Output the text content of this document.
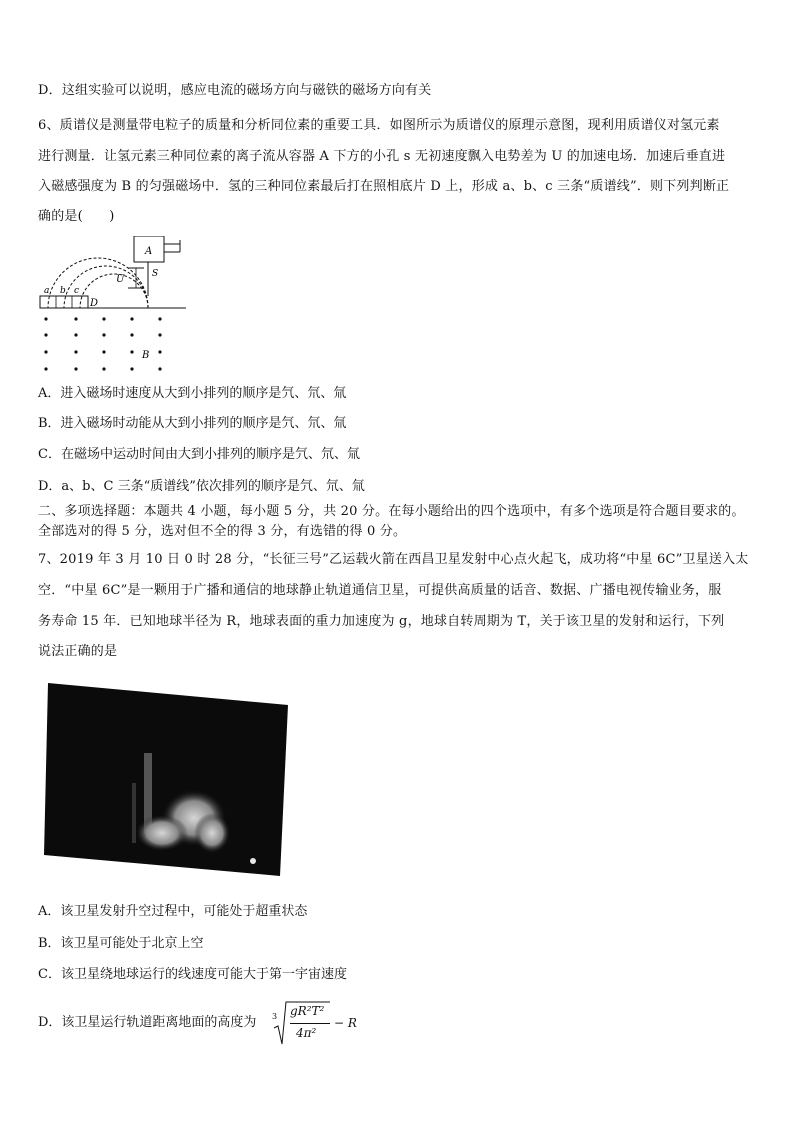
D．这组实验可以说明，感应电流的磁场方向与磁铁的磁场方向有关
6、质谱仪是测量带电粒子的质量和分析同位素的重要工具．如图所示为质谱仪的原理示意图，现利用质谱仪对氢元素
进行测量．让氢元素三种同位素的离子流从容器 A 下方的小孔 s 无初速度飘入电势差为 U 的加速电场．加速后垂直进
入磁感强度为 B 的匀强磁场中．氢的三种同位素最后打在照相底片 D 上，形成 a、b、c 三条“质谱线”．则下列判断正
确的是(　　)
A
U	S
a b c
D
B
A．进入磁场时速度从大到小排列的顺序是氕、氘、氚
B．进入磁场时动能从大到小排列的顺序是氕、氘、氚
C．在磁场中运动时间由大到小排列的顺序是氕、氘、氚
D．a、b、C 三条“质谱线”依次排列的顺序是氕、氘、氚
二、多项选择题：本题共 4 小题，每小题 5 分，共 20 分。在每小题给出的四个选项中，有多个选项是符合题目要求的。
全部选对的得 5 分，选对但不全的得 3 分，有选错的得 0 分。
7、2019 年 3 月 10 日 0 时 28 分，“长征三号”乙运载火箭在西昌卫星发射中心点火起飞，成功将“中星 6C”卫星送入太
空．“中星 6C”是一颗用于广播和通信的地球静止轨道通信卫星，可提供高质量的话音、数据、广播电视传输业务，服
务寿命 15 年．已知地球半径为 R，地球表面的重力加速度为 g，地球自转周期为 T，关于该卫星的发射和运行，下列
说法正确的是
A．该卫星发射升空过程中，可能处于超重状态
B．该卫星可能处于北京上空
C．该卫星绕地球运行的线速度可能大于第一宇宙速度
D．该卫星运行轨道距离地面的高度为 3 gR²T²
4π²
− R
